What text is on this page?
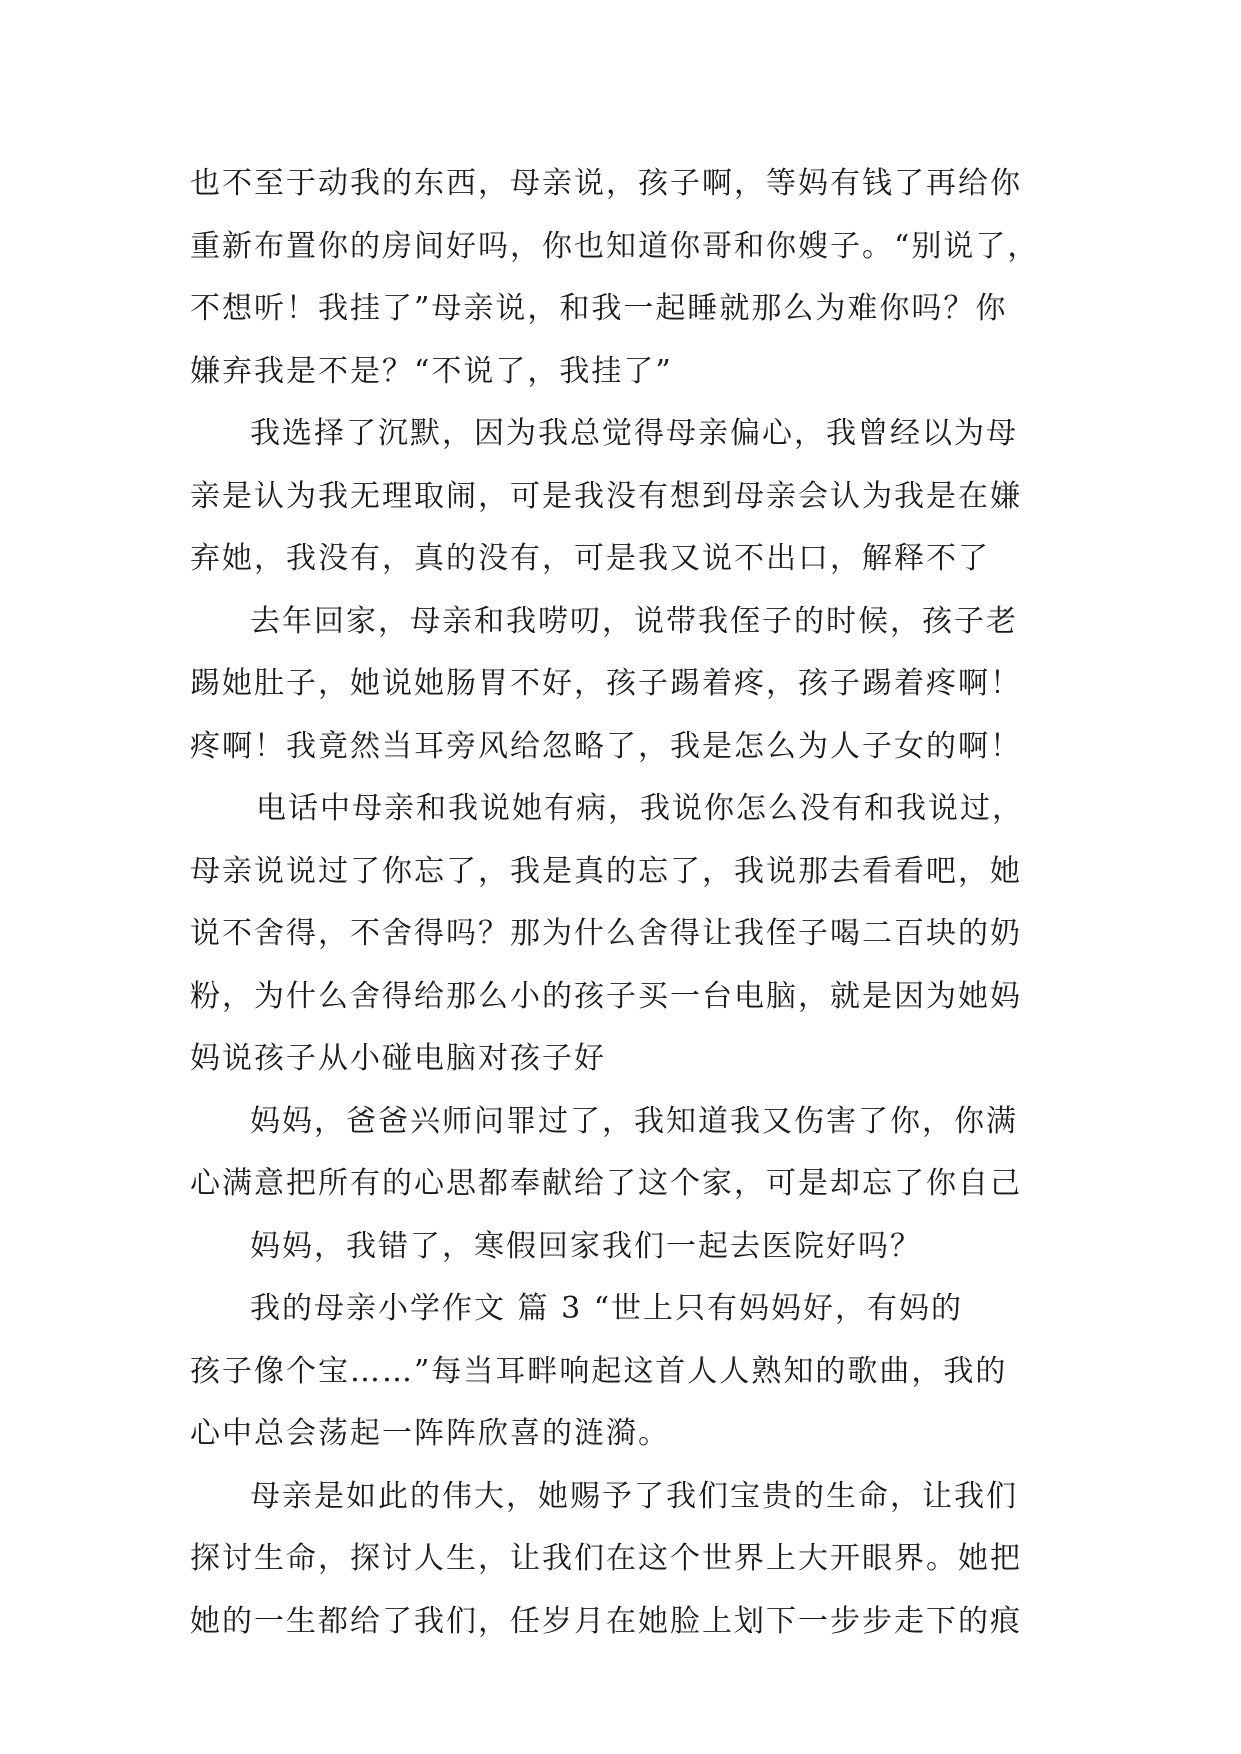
也不至于动我的东西，母亲说，孩子啊，等妈有钱了再给你
重新布置你的房间好吗，你也知道你哥和你嫂子。“别说了，
不想听！我挂了”母亲说，和我一起睡就那么为难你吗？你
嫌弃我是不是？“不说了，我挂了”
我选择了沉默，因为我总觉得母亲偏心，我曾经以为母
亲是认为我无理取闹，可是我没有想到母亲会认为我是在嫌
弃她，我没有，真的没有，可是我又说不出口，解释不了
去年回家，母亲和我唠叨，说带我侄子的时候，孩子老
踢她肚子，她说她肠胃不好，孩子踢着疼，孩子踢着疼啊！
疼啊！我竟然当耳旁风给忽略了，我是怎么为人子女的啊！
电话中母亲和我说她有病，我说你怎么没有和我说过，
母亲说说过了你忘了，我是真的忘了，我说那去看看吧，她
说不舍得，不舍得吗？那为什么舍得让我侄子喝二百块的奶
粉，为什么舍得给那么小的孩子买一台电脑，就是因为她妈
妈说孩子从小碰电脑对孩子好
妈妈，爸爸兴师问罪过了，我知道我又伤害了你，你满
心满意把所有的心思都奉献给了这个家，可是却忘了你自己
妈妈，我错了，寒假回家我们一起去医院好吗？
我的母亲小学作文 篇 3 “世上只有妈妈好，有妈的
孩子像个宝……”每当耳畔响起这首人人熟知的歌曲，我的
心中总会荡起一阵阵欣喜的涟漪。
母亲是如此的伟大，她赐予了我们宝贵的生命，让我们
探讨生命，探讨人生，让我们在这个世界上大开眼界。她把
她的一生都给了我们，任岁月在她脸上划下一步步走下的痕
